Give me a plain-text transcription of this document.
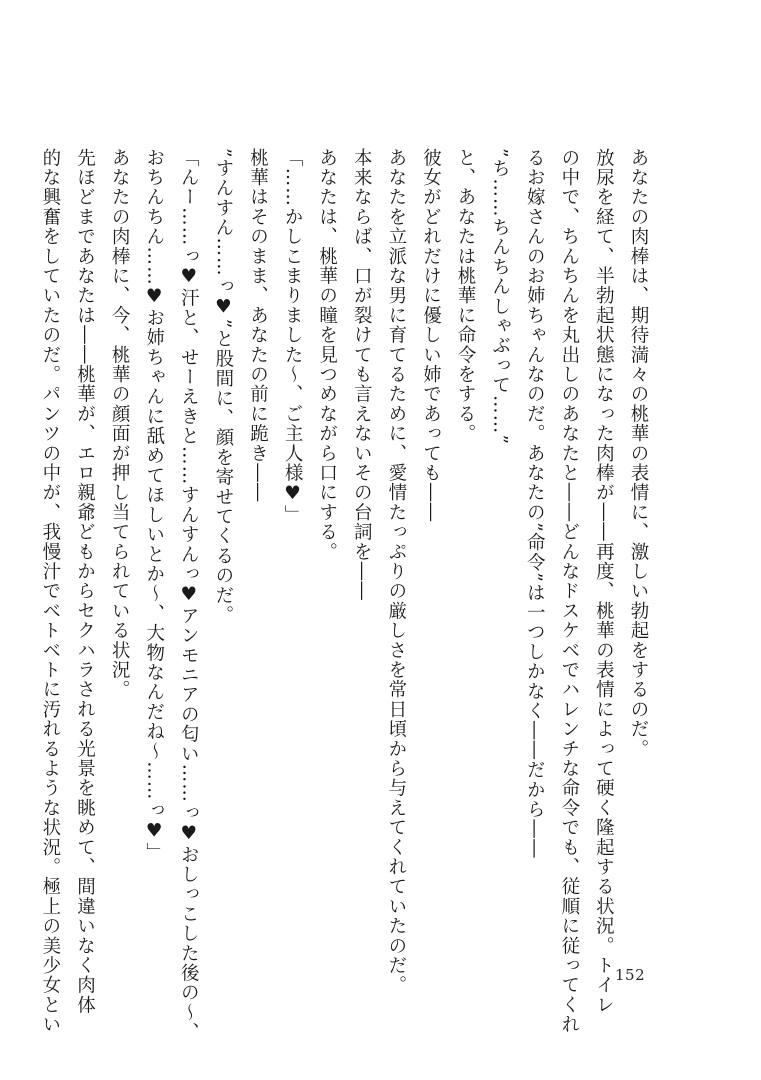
あなたの肉棒は、期待満々の桃華の表情に、激しい勃起をするのだ。
放尿を経て、半勃起状態になった肉棒が――再度、桃華の表情によって硬く隆起する状況。トイレ
の中で、ちんちんを丸出しのあなたと――どんなドスケベでハレンチな命令でも、従順に従ってくれ
るお嫁さんのお姉ちゃんなのだ。あなたの”命令”は一つしかなく――だから――
”ち……ちんちんしゃぶって……”
と、あなたは桃華に命令をする。
彼女がどれだけに優しい姉であっても――
あなたを立派な男に育てるために、愛情たっぷりの厳しさを常日頃から与えてくれていたのだ。
本来ならば、口が裂けても言えないその台詞を――
あなたは、桃華の瞳を見つめながら口にする。
「……かしこまりました～、ご主人様♥」
桃華はそのまま、あなたの前に跪き――
”すんすん……っ♥”と股間に、顔を寄せてくるのだ。
「んー……っ♥汗と、せーえきと……すんすんっ♥アンモニアの匂い……っ♥おしっこした後の～、
おちんちん……♥お姉ちゃんに舐めてほしいとか～、大物なんだね～……っ♥」
あなたの肉棒に、今、桃華の顔面が押し当てられている状況。
先ほどまであなたは――桃華が、エロ親爺どもからセクハラされる光景を眺めて、間違いなく肉体
的な興奮をしていたのだ。パンツの中が、我慢汁でベトベトに汚れるような状況。極上の美少女とい	152
